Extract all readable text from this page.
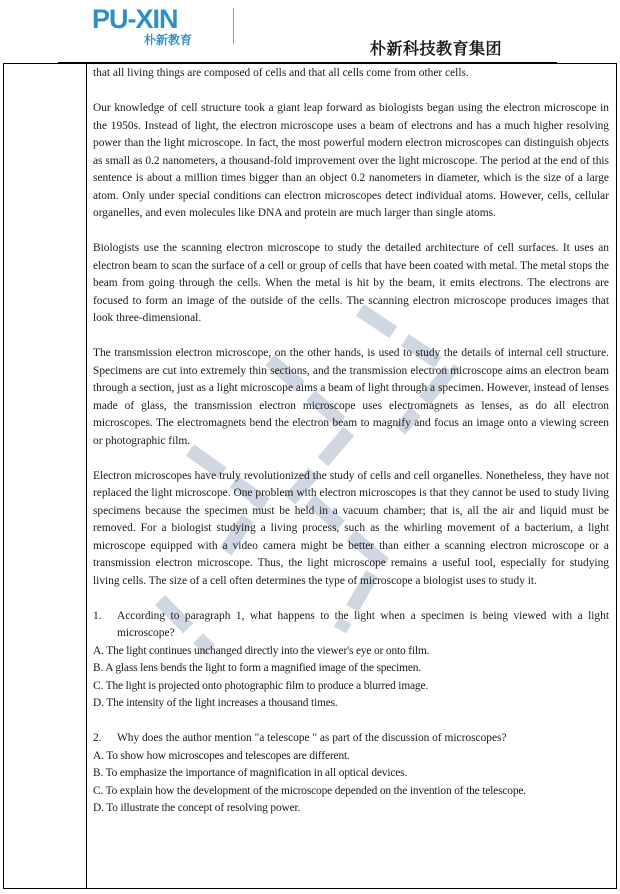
PU-XIN
朴新教育	朴新科技教育集团

that all living things are composed of cells and that all cells come from other cells.

Our knowledge of cell structure took a giant leap forward as biologists began using the electron microscope in the 1950s. Instead of light, the electron microscope uses a beam of electrons and has a much higher resolving power than the light microscope. In fact, the most powerful modern electron microscopes can distinguish objects as small as 0.2 nanometers, a thousand-fold improvement over the light microscope. The period at the end of this sentence is about a million times bigger than an object 0.2 nanometers in diameter, which is the size of a large atom. Only under special conditions can electron microscopes detect individual atoms. However, cells, cellular organelles, and even molecules like DNA and protein are much larger than single atoms.

Biologists use the scanning electron microscope to study the detailed architecture of cell surfaces. It uses an electron beam to scan the surface of a cell or group of cells that have been coated with metal. The metal stops the beam from going through the cells. When the metal is hit by the beam, it emits electrons. The electrons are focused to form an image of the outside of the cells. The scanning electron microscope produces images that look three-dimensional.

The transmission electron microscope, on the other hands, is used to study the details of internal cell structure. Specimens are cut into extremely thin sections, and the transmission electron microscope aims an electron beam through a section, just as a light microscope aims a beam of light through a specimen. However, instead of lenses made of glass, the transmission electron microscope uses electromagnets as lenses, as do all electron microscopes. The electromagnets bend the electron beam to magnify and focus an image onto a viewing screen or photographic film.

Electron microscopes have truly revolutionized the study of cells and cell organelles. Nonetheless, they have not replaced the light microscope. One problem with electron microscopes is that they cannot be used to study living specimens because the specimen must be held in a vacuum chamber; that is, all the air and liquid must be removed. For a biologist studying a living process, such as the whirling movement of a bacterium, a light microscope equipped with a video camera might be better than either a scanning electron microscope or a transmission electron microscope. Thus, the light microscope remains a useful tool, especially for studying living cells. The size of a cell often determines the type of microscope a biologist uses to study it.

1.	According to paragraph 1, what happens to the light when a specimen is being viewed with a light microscope?

A. The light continues unchanged directly into the viewer's eye or onto film.

B. A glass lens bends the light to form a magnified image of the specimen.

C. The light is projected onto photographic film to produce a blurred image.

D. The intensity of the light increases a thousand times.

2.	Why does the author mention "a telescope " as part of the discussion of microscopes?

A. To show how microscopes and telescopes are different.

B. To emphasize the importance of magnification in all optical devices.

C. To explain how the development of the microscope depended on the invention of the telescope.

D. To illustrate the concept of resolving power.
